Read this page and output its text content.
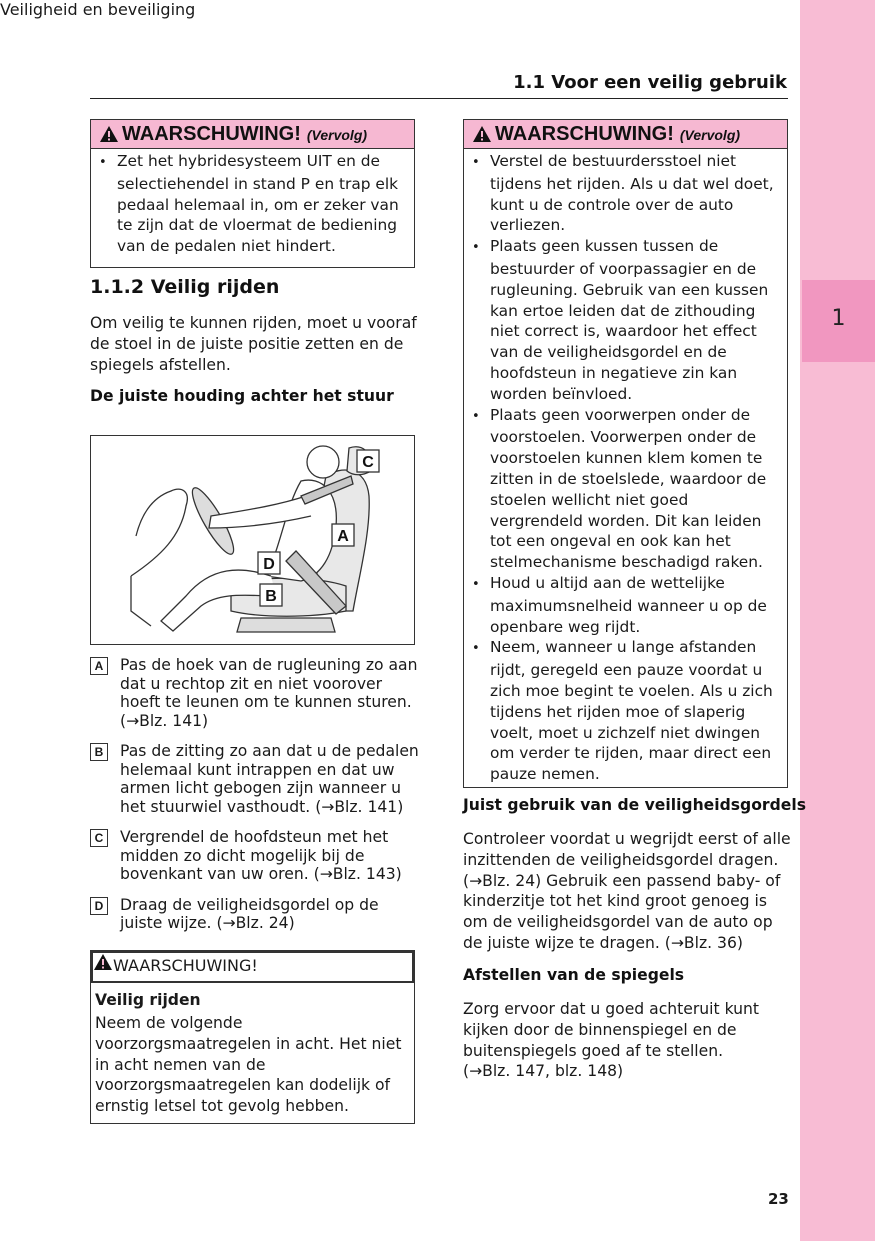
1
Veiligheid en beveiliging
1.1 Voor een veilig gebruik
WAARSCHUWING! (Vervolg)
• Zet het hybridesysteem UIT en de selectiehendel in stand P en trap elk pedaal helemaal in, om er zeker van te zijn dat de vloermat de bediening van de pedalen niet hindert.
1.1.2 Veilig rijden
Om veilig te kunnen rijden, moet u vooraf de stoel in de juiste positie zetten en de spiegels afstellen.
De juiste houding achter het stuur
C
A
D
B
A Pas de hoek van de rugleuning zo aan dat u rechtop zit en niet voorover hoeft te leunen om te kunnen sturen. (→Blz. 141)
B Pas de zitting zo aan dat u de pedalen helemaal kunt intrappen en dat uw armen licht gebogen zijn wanneer u het stuurwiel vasthoudt. (→Blz. 141)
C Vergrendel de hoofdsteun met het midden zo dicht mogelijk bij de bovenkant van uw oren. (→Blz. 143)
D Draag de veiligheidsgordel op de juiste wijze. (→Blz. 24)
WAARSCHUWING!
Veilig rijden
Neem de volgende voorzorgsmaatregelen in acht. Het niet in acht nemen van de voorzorgsmaatregelen kan dodelijk of ernstig letsel tot gevolg hebben.
WAARSCHUWING! (Vervolg)
• Verstel de bestuurdersstoel niet tijdens het rijden. Als u dat wel doet, kunt u de controle over de auto verliezen.
• Plaats geen kussen tussen de bestuurder of voorpassagier en de rugleuning. Gebruik van een kussen kan ertoe leiden dat de zithouding niet correct is, waardoor het effect van de veiligheidsgordel en de hoofdsteun in negatieve zin kan worden beïnvloed.
• Plaats geen voorwerpen onder de voorstoelen. Voorwerpen onder de voorstoelen kunnen klem komen te zitten in de stoelslede, waardoor de stoelen wellicht niet goed vergrendeld worden. Dit kan leiden tot een ongeval en ook kan het stelmechanisme beschadigd raken.
• Houd u altijd aan de wettelijke maximumsnelheid wanneer u op de openbare weg rijdt.
• Neem, wanneer u lange afstanden rijdt, geregeld een pauze voordat u zich moe begint te voelen. Als u zich tijdens het rijden moe of slaperig voelt, moet u zichzelf niet dwingen om verder te rijden, maar direct een pauze nemen.
Juist gebruik van de veiligheidsgordels
Controleer voordat u wegrijdt eerst of alle inzittenden de veiligheidsgordel dragen. (→Blz. 24) Gebruik een passend baby- of kinderzitje tot het kind groot genoeg is om de veiligheidsgordel van de auto op de juiste wijze te dragen. (→Blz. 36)
Afstellen van de spiegels
Zorg ervoor dat u goed achteruit kunt kijken door de binnenspiegel en de buitenspiegels goed af te stellen. (→Blz. 147, blz. 148)
23
